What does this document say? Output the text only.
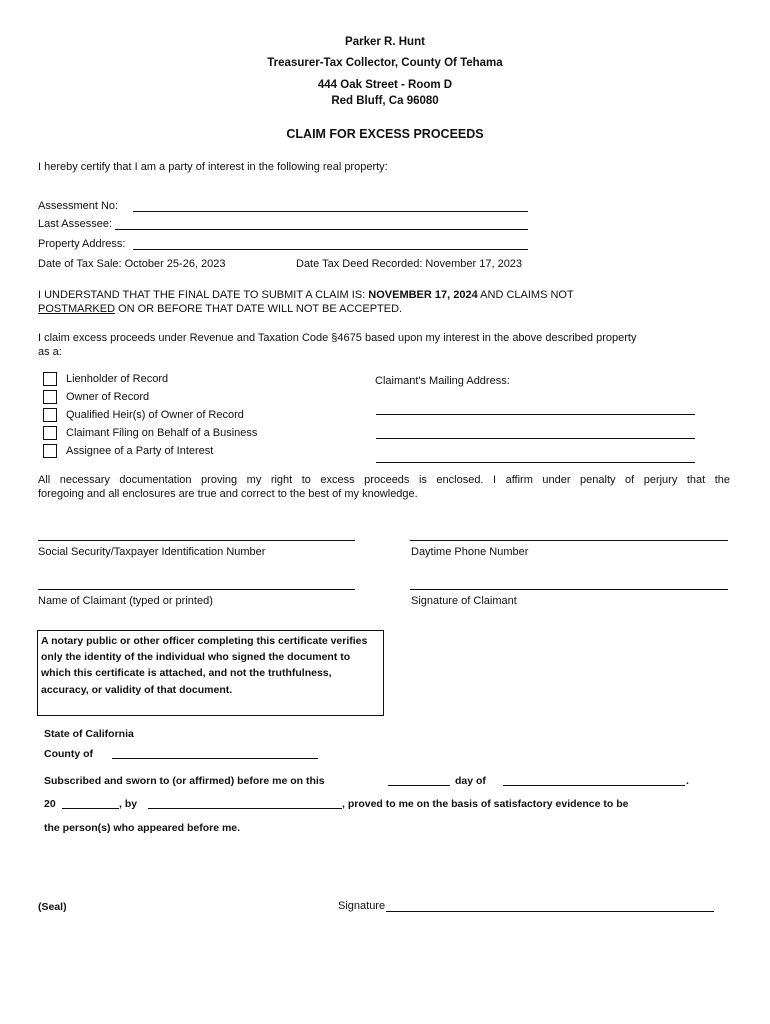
Parker R. Hunt
Treasurer-Tax Collector, County Of Tehama
444 Oak Street - Room D
Red Bluff, Ca 96080
CLAIM FOR EXCESS PROCEEDS
I hereby certify that I am a party of interest in the following real property:
Assessment No:
Last Assessee:
Property Address:
Date of Tax Sale: October 25-26, 2023	Date Tax Deed Recorded: November 17, 2023
I UNDERSTAND THAT THE FINAL DATE TO SUBMIT A CLAIM IS: NOVEMBER 17, 2024 AND CLAIMS NOT
POSTMARKED ON OR BEFORE THAT DATE WILL NOT BE ACCEPTED.
I claim excess proceeds under Revenue and Taxation Code §4675 based upon my interest in the above described property
as a:
Lienholder of Record
Owner of Record
Qualified Heir(s) of Owner of Record
Claimant Filing on Behalf of a Business
Assignee of a Party of Interest
Claimant's Mailing Address:
All necessary documentation proving my right to excess proceeds is enclosed. I affirm under penalty of perjury that the
foregoing and all enclosures are true and correct to the best of my knowledge.
Social Security/Taxpayer Identification Number	Daytime Phone Number
Name of Claimant (typed or printed)	Signature of Claimant
A notary public or other officer completing this certificate verifies only the identity of the individual who signed the document to which this certificate is attached, and not the truthfulness, accuracy, or validity of that document.
State of California
County of
Subscribed and sworn to (or affirmed) before me on this	day of	.
20	, by	, proved to me on the basis of satisfactory evidence to be
the person(s) who appeared before me.
(Seal)	Signature
